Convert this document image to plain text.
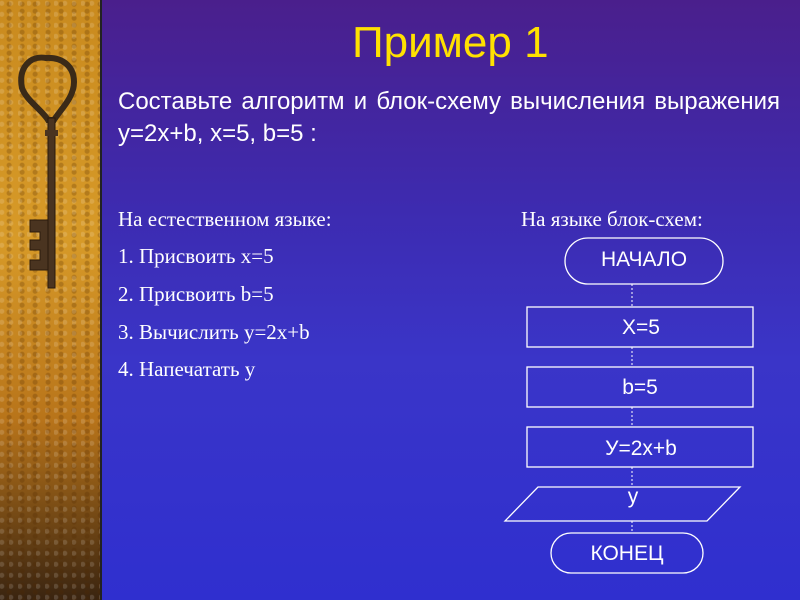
Пример 1
Составьте алгоритм и блок-схему вычисления выражения у=2х+b, x=5, b=5 :
На естественном языке:
1. Присвоить х=5
2. Присвоить b=5
3. Вычислить у=2х+b
4. Напечатать у
На языке блок-схем:
НАЧАЛО
Х=5
b=5
У=2х+b
у
КОНЕЦ
